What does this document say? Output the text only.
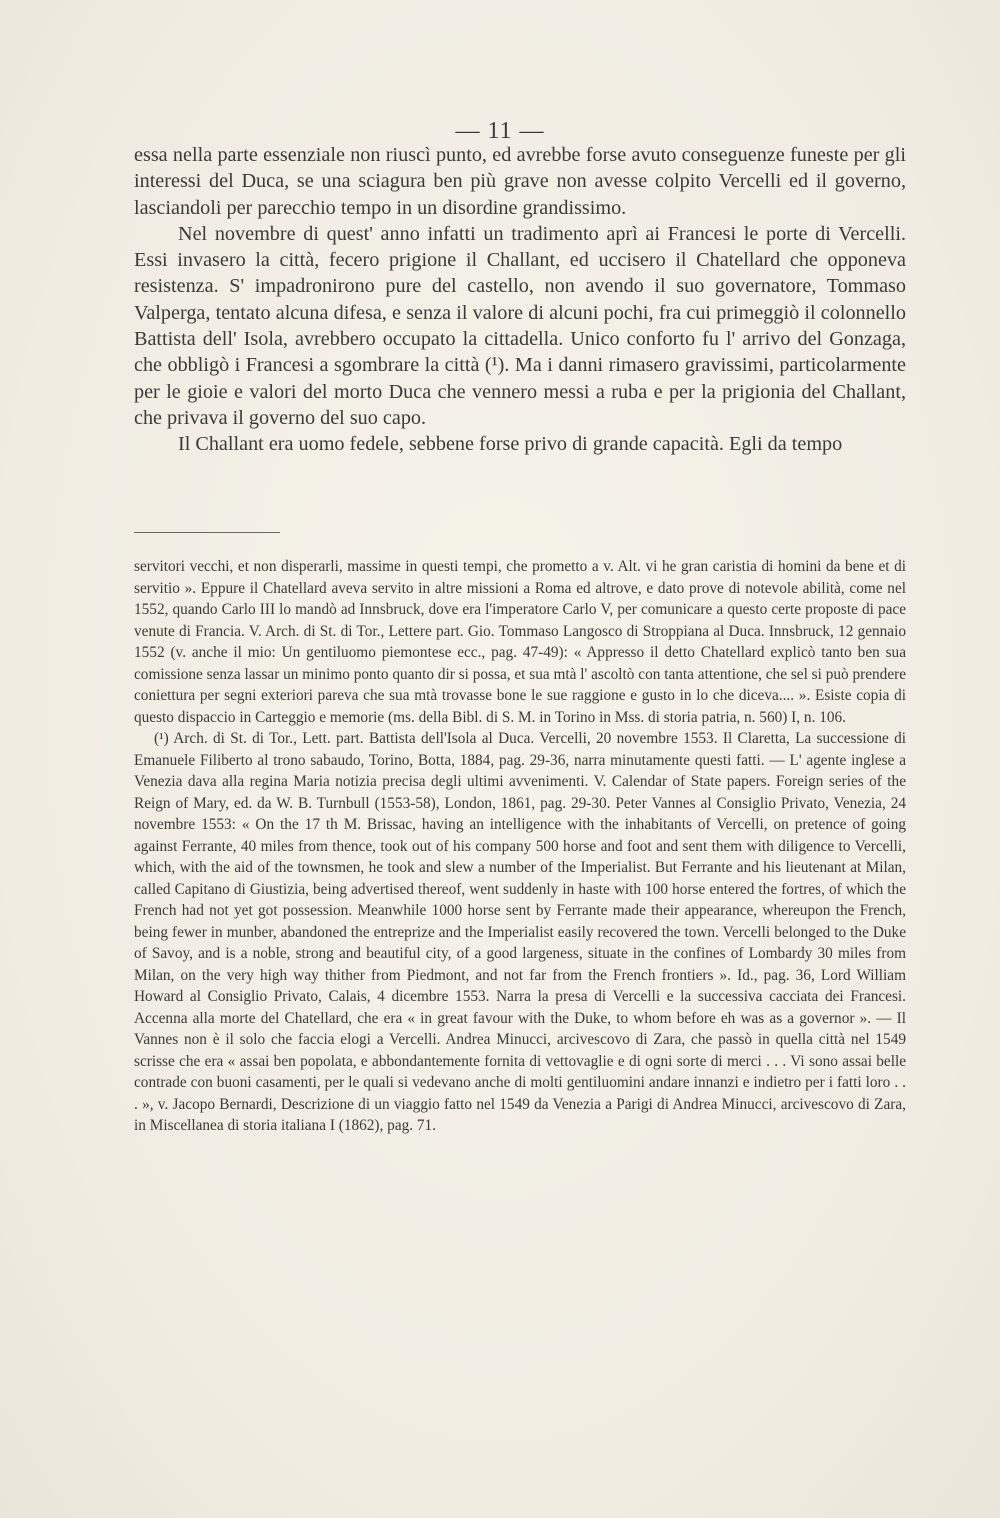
— 11 —

essa nella parte essenziale non riuscì punto, ed avrebbe forse avuto conseguenze funeste per gli interessi del Duca, se una sciagura ben più grave non avesse colpito Vercelli ed il governo, lasciandoli per parecchio tempo in un disordine grandissimo.

Nel novembre di quest' anno infatti un tradimento aprì ai Francesi le porte di Vercelli. Essi invasero la città, fecero prigione il Challant, ed uccisero il Chatellard che opponeva resistenza. S' impadronirono pure del castello, non avendo il suo governatore, Tommaso Valperga, tentato alcuna difesa, e senza il valore di alcuni pochi, fra cui primeggiò il colonnello Battista dell' Isola, avrebbero occupato la cittadella. Unico conforto fu l' arrivo del Gonzaga, che obbligò i Francesi a sgombrare la città (¹). Ma i danni rimasero gravissimi, particolarmente per le gioie e valori del morto Duca che vennero messi a ruba e per la prigionia del Challant, che privava il governo del suo capo.

Il Challant era uomo fedele, sebbene forse privo di grande capacità. Egli da tempo

servitori vecchi, et non disperarli, massime in questi tempi, che prometto a v. Alt. vi he gran caristia di homini da bene et di servitio ». Eppure il Chatellard aveva servito in altre missioni a Roma ed altrove, e dato prove di notevole abilità, come nel 1552, quando Carlo III lo mandò ad Innsbruck, dove era l'imperatore Carlo V, per comunicare a questo certe proposte di pace venute di Francia. V. Arch. di St. di Tor., Lettere part. Gio. Tommaso Langosco di Stroppiana al Duca. Innsbruck, 12 gennaio 1552 (v. anche il mio: Un gentiluomo piemontese ecc., pag. 47-49): « Appresso il detto Chatellard explicò tanto ben sua comissione senza lassar un minimo ponto quanto dir si possa, et sua mtà l' ascoltò con tanta attentione, che sel si può prendere coniettura per segni exteriori pareva che sua mtà trovasse bone le sue raggione e gusto in lo che diceva.... ». Esiste copia di questo dispaccio in Carteggio e memorie (ms. della Bibl. di S. M. in Torino in Mss. di storia patria, n. 560) I, n. 106.

(¹) Arch. di St. di Tor., Lett. part. Battista dell'Isola al Duca. Vercelli, 20 novembre 1553. Il Claretta, La successione di Emanuele Filiberto al trono sabaudo, Torino, Botta, 1884, pag. 29-36, narra minutamente questi fatti. — L' agente inglese a Venezia dava alla regina Maria notizia precisa degli ultimi avvenimenti. V. Calendar of State papers. Foreign series of the Reign of Mary, ed. da W. B. Turnbull (1553-58), London, 1861, pag. 29-30. Peter Vannes al Consiglio Privato, Venezia, 24 novembre 1553: « On the 17 th M. Brissac, having an intelligence with the inhabitants of Vercelli, on pretence of going against Ferrante, 40 miles from thence, took out of his company 500 horse and foot and sent them with diligence to Vercelli, which, with the aid of the townsmen, he took and slew a number of the Imperialist. But Ferrante and his lieutenant at Milan, called Capitano di Giustizia, being advertised thereof, went suddenly in haste with 100 horse entered the fortres, of which the French had not yet got possession. Meanwhile 1000 horse sent by Ferrante made their appearance, whereupon the French, being fewer in munber, abandoned the entreprize and the Imperialist easily recovered the town. Vercelli belonged to the Duke of Savoy, and is a noble, strong and beautiful city, of a good largeness, situate in the confines of Lombardy 30 miles from Milan, on the very high way thither from Piedmont, and not far from the French frontiers ». Id., pag. 36, Lord William Howard al Consiglio Privato, Calais, 4 dicembre 1553. Narra la presa di Vercelli e la successiva cacciata dei Francesi. Accenna alla morte del Chatellard, che era « in great favour with the Duke, to whom before eh was as a governor ». — Il Vannes non è il solo che faccia elogi a Vercelli. Andrea Minucci, arcivescovo di Zara, che passò in quella città nel 1549 scrisse che era « assai ben popolata, e abbondantemente fornita di vettovaglie e di ogni sorte di merci . . . Vi sono assai belle contrade con buoni casamenti, per le quali si vedevano anche di molti gentiluomini andare innanzi e indietro per i fatti loro . . . », v. Jacopo Bernardi, Descrizione di un viaggio fatto nel 1549 da Venezia a Parigi di Andrea Minucci, arcivescovo di Zara, in Miscellanea di storia italiana I (1862), pag. 71.
